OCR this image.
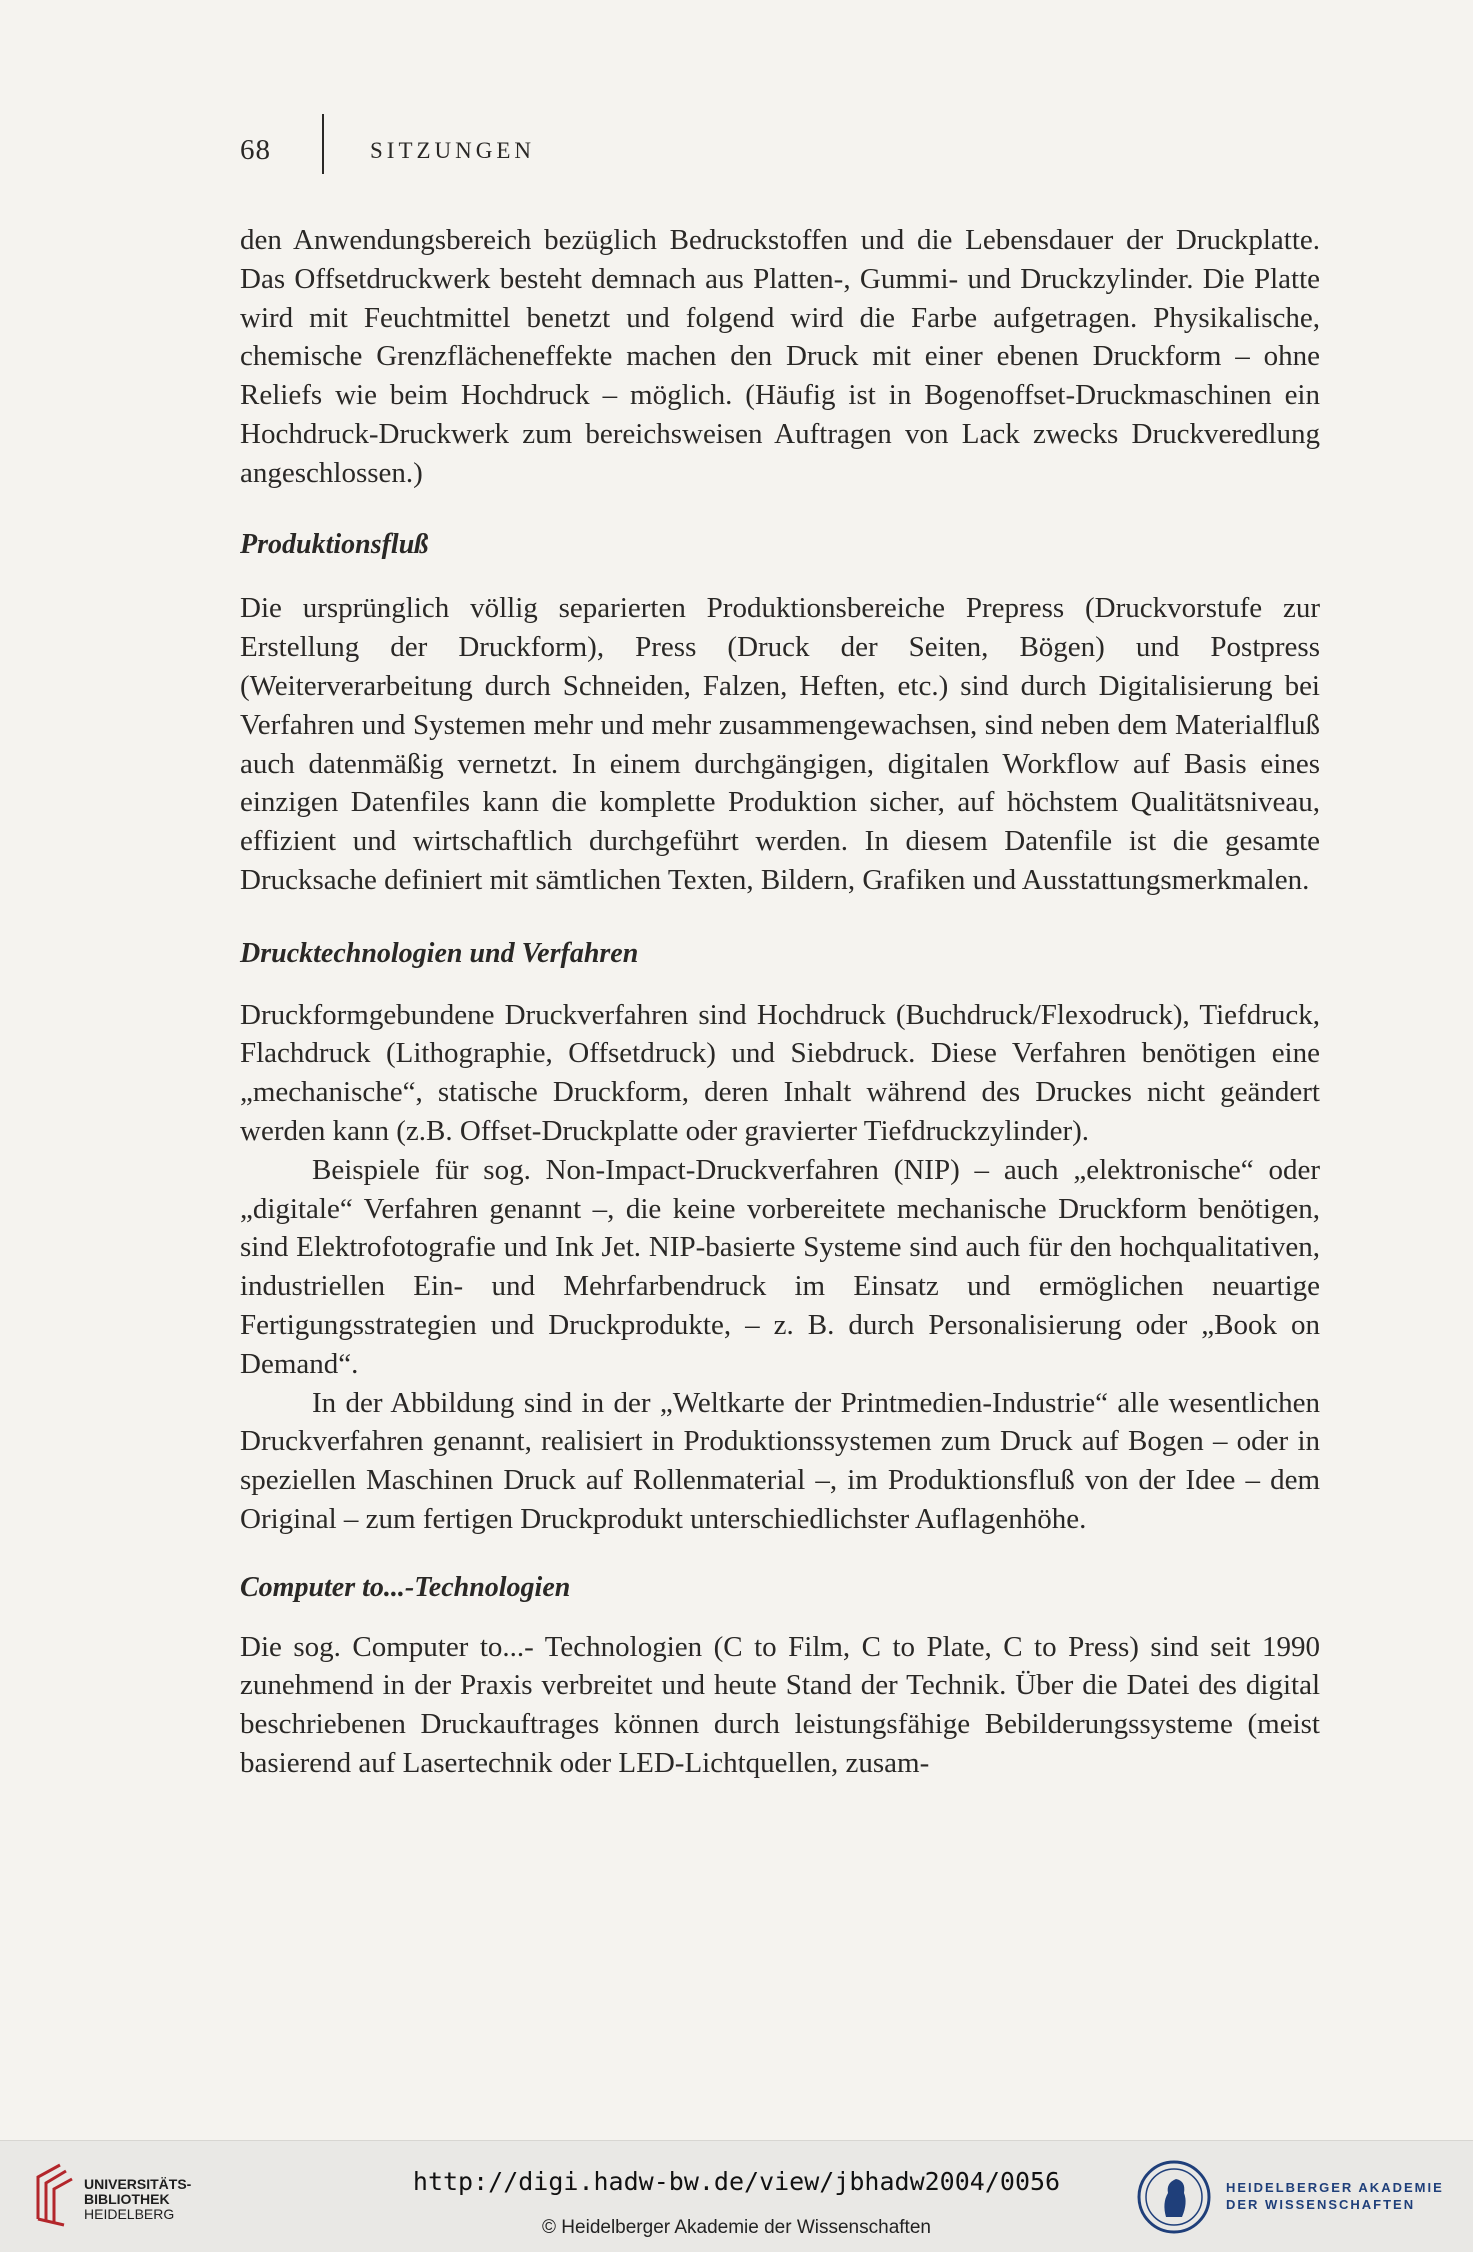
68	SITZUNGEN

den Anwendungsbereich bezüglich Bedruckstoffen und die Lebensdauer der Druckplatte. Das Offsetdruckwerk besteht demnach aus Platten-, Gummi- und Druckzylinder. Die Platte wird mit Feuchtmittel benetzt und folgend wird die Farbe aufgetragen. Physikalische, chemische Grenzflächeneffekte machen den Druck mit einer ebenen Druckform – ohne Reliefs wie beim Hochdruck – möglich. (Häufig ist in Bogenoffset-Druckmaschinen ein Hochdruck-Druckwerk zum bereichsweisen Auftragen von Lack zwecks Druckveredlung angeschlossen.)

Produktionsfluß

Die ursprünglich völlig separierten Produktionsbereiche Prepress (Druckvorstufe zur Erstellung der Druckform), Press (Druck der Seiten, Bögen) und Postpress (Weiterverarbeitung durch Schneiden, Falzen, Heften, etc.) sind durch Digitalisierung bei Verfahren und Systemen mehr und mehr zusammengewachsen, sind neben dem Materialfluß auch datenmäßig vernetzt. In einem durchgängigen, digitalen Workflow auf Basis eines einzigen Datenfiles kann die komplette Produktion sicher, auf höchstem Qualitätsniveau, effizient und wirtschaftlich durchgeführt werden. In diesem Datenfile ist die gesamte Drucksache definiert mit sämtlichen Texten, Bildern, Grafiken und Ausstattungsmerkmalen.

Drucktechnologien und Verfahren

Druckformgebundene Druckverfahren sind Hochdruck (Buchdruck/Flexodruck), Tiefdruck, Flachdruck (Lithographie, Offsetdruck) und Siebdruck. Diese Verfahren benötigen eine „mechanische“, statische Druckform, deren Inhalt während des Druckes nicht geändert werden kann (z.B. Offset-Druckplatte oder gravierter Tiefdruckzylinder).

Beispiele für sog. Non-Impact-Druckverfahren (NIP) – auch „elektronische“ oder „digitale“ Verfahren genannt –, die keine vorbereitete mechanische Druckform benötigen, sind Elektrofotografie und Ink Jet. NIP-basierte Systeme sind auch für den hochqualitativen, industriellen Ein- und Mehrfarbendruck im Einsatz und ermöglichen neuartige Fertigungsstrategien und Druckprodukte, – z. B. durch Personalisierung oder „Book on Demand“.

In der Abbildung sind in der „Weltkarte der Printmedien-Industrie“ alle wesentlichen Druckverfahren genannt, realisiert in Produktionssystemen zum Druck auf Bogen – oder in speziellen Maschinen Druck auf Rollenmaterial –, im Produktionsfluß von der Idee – dem Original – zum fertigen Druckprodukt unterschiedlichster Auflagenhöhe.

Computer to...-Technologien

Die sog. Computer to...- Technologien (C to Film, C to Plate, C to Press) sind seit 1990 zunehmend in der Praxis verbreitet und heute Stand der Technik. Über die Datei des digital beschriebenen Druckauftrages können durch leistungsfähige Bebilderungssysteme (meist basierend auf Lasertechnik oder LED-Lichtquellen, zusam-

UNIVERSITÄTS-
BIBLIOTHEK
HEIDELBERG
http://digi.hadw-bw.de/view/jbhadw2004/0056
© Heidelberger Akademie der Wissenschaften
HEIDELBERGER AKADEMIE
DER WISSENSCHAFTEN
